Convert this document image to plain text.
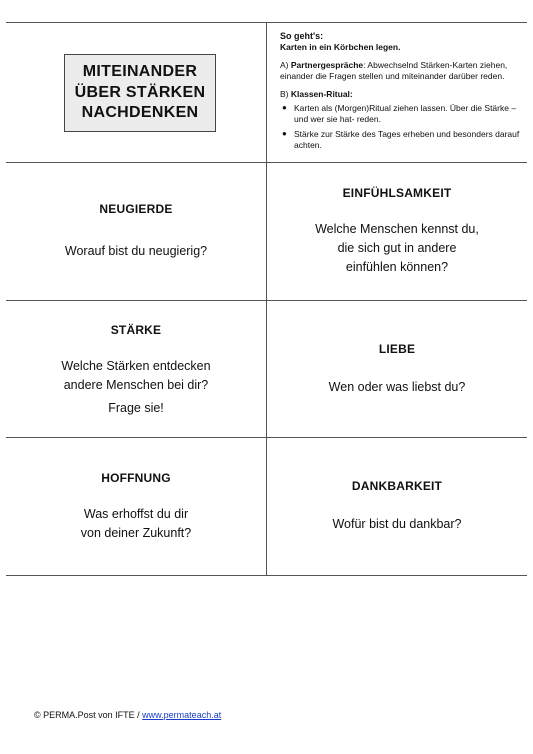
MITEINANDER
ÜBER STÄRKEN
NACHDENKEN

So geht's:

Karten in ein Körbchen legen.

A) Partnergespräche: Abwechselnd Stärken-Karten ziehen, einander die Fragen stellen und miteinander darüber reden.

B) Klassen-Ritual:

● Karten als (Morgen)Ritual ziehen lassen. Über die Stärke – und wer sie hat- reden.
● Stärke zur Stärke des Tages erheben und besonders darauf achten.
NEUGIERDE
Worauf bist du neugierig?
EINFÜHLSAMKEIT
Welche Menschen kennst du,
die sich gut in andere
einfühlen können?
STÄRKE
Welche Stärken entdecken
andere Menschen bei dir?
Frage sie!
LIEBE
Wen oder was liebst du?
HOFFNUNG
Was erhoffst du dir
von deiner Zukunft?
DANKBARKEIT
Wofür bist du dankbar?
© PERMA.Post von IFTE / www.permateach.at
